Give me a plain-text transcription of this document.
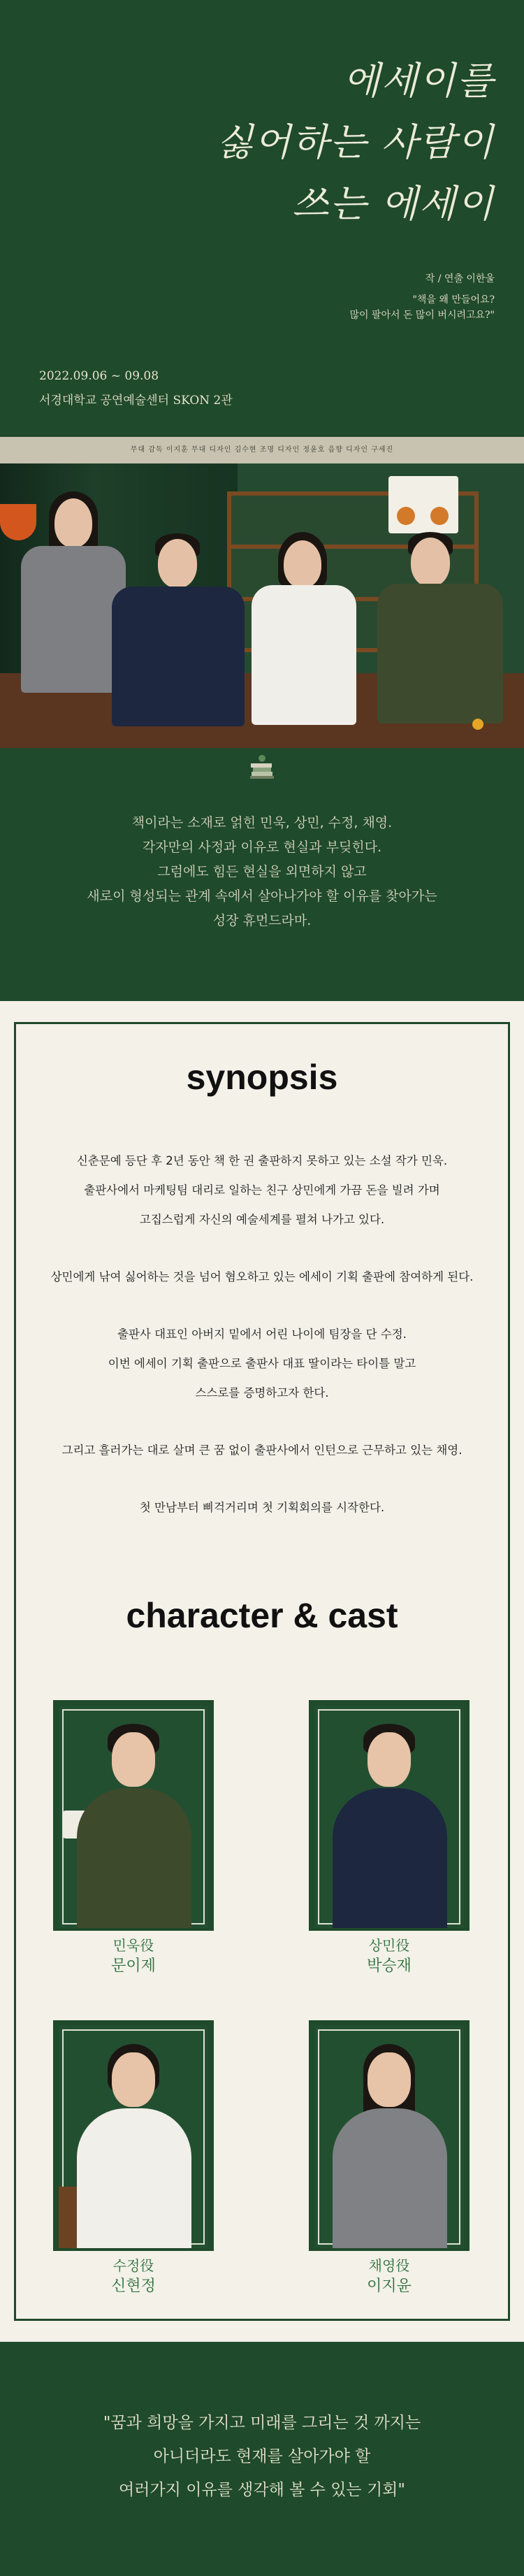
에세이를
싫어하는 사람이
쓰는 에세이
작 / 연출 이한울
"책을 왜 만들어요?
많이 팔아서 돈 많이 버시려고요?"
2022.09.06 ~ 09.08
서경대학교 공연예술센터 SKON 2관
무대 감독 이지훈 무대 디자인 김수현 조명 디자인 정윤호 음향 디자인 구세진
책이라는 소재로 얽힌 민욱, 상민, 수정, 채영.
각자만의 사정과 이유로 현실과 부딪힌다.
그럼에도 힘든 현실을 외면하지 않고
새로이 형성되는 관계 속에서 살아나가야 할 이유를 찾아가는
성장 휴먼드라마.
synopsis

신춘문예 등단 후 2년 동안 책 한 권 출판하지 못하고 있는 소설 작가 민욱.

출판사에서 마케팅팀 대리로 일하는 친구 상민에게 가끔 돈을 빌려 가며

고집스럽게 자신의 예술세계를 펼쳐 나가고 있다.

상민에게 낚여 싫어하는 것을 넘어 혐오하고 있는 에세이 기획 출판에 참여하게 된다.

출판사 대표인 아버지 밑에서 어린 나이에 팀장을 단 수정.

이번 에세이 기획 출판으로 출판사 대표 딸이라는 타이틀 말고

스스로를 증명하고자 한다.

그리고 흘러가는 대로 살며 큰 꿈 없이 출판사에서 인턴으로 근무하고 있는 채영.

첫 만남부터 삐걱거리며 첫 기획회의를 시작한다.

character & cast
민욱役
문이제
상민役
박승재
수정役
신현정
채영役
이지윤
"꿈과 희망을 가지고 미래를 그리는 것 까지는
아니더라도 현재를 살아가야 할
여러가지 이유를 생각해 볼 수 있는 기회"
